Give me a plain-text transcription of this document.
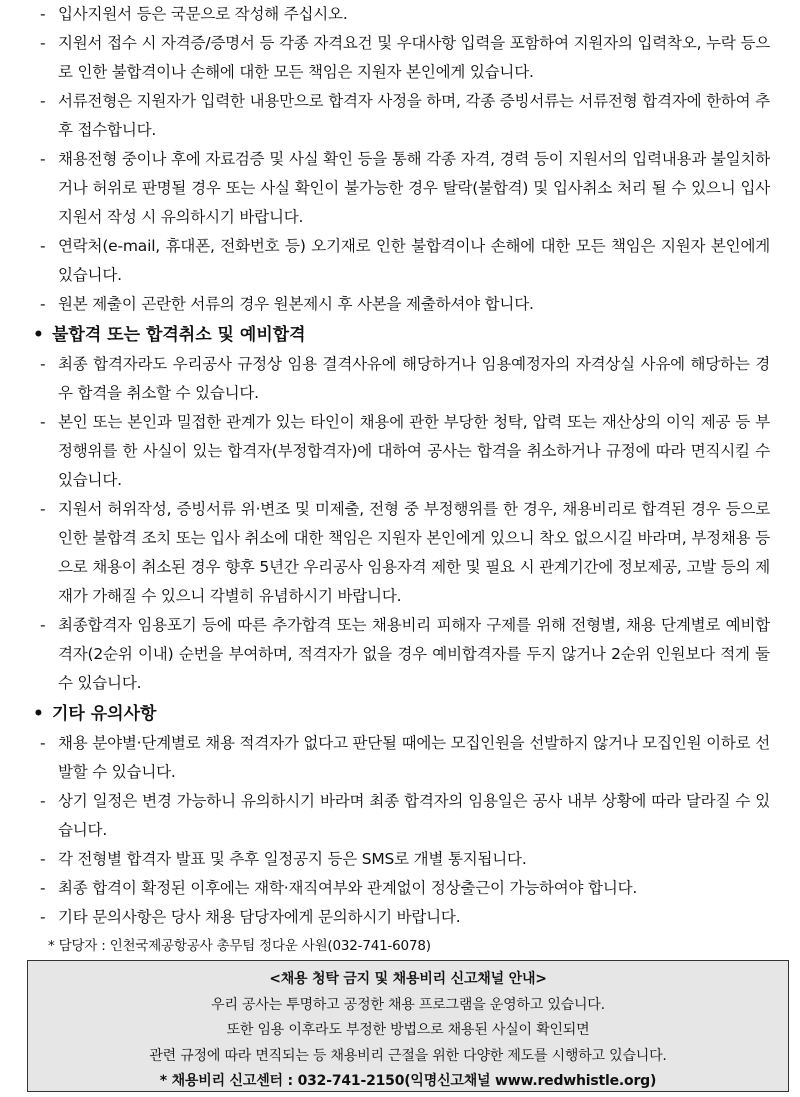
- 입사지원서 등은 국문으로 작성해 주십시오.
- 지원서 접수 시 자격증/증명서 등 각종 자격요건 및 우대사항 입력을 포함하여 지원자의 입력착오, 누락 등으로 인한 불합격이나 손해에 대한 모든 책임은 지원자 본인에게 있습니다.
- 서류전형은 지원자가 입력한 내용만으로 합격자 사정을 하며, 각종 증빙서류는 서류전형 합격자에 한하여 추후 접수합니다.
- 채용전형 중이나 후에 자료검증 및 사실 확인 등을 통해 각종 자격, 경력 등이 지원서의 입력내용과 불일치하거나 허위로 판명될 경우 또는 사실 확인이 불가능한 경우 탈락(불합격) 및 입사취소 처리 될 수 있으니 입사지원서 작성 시 유의하시기 바랍니다.
- 연락처(e-mail, 휴대폰, 전화번호 등) 오기재로 인한 불합격이나 손해에 대한 모든 책임은 지원자 본인에게 있습니다.
- 원본 제출이 곤란한 서류의 경우 원본제시 후 사본을 제출하셔야 합니다.
• 불합격 또는 합격취소 및 예비합격
- 최종 합격자라도 우리공사 규정상 임용 결격사유에 해당하거나 임용예정자의 자격상실 사유에 해당하는 경우 합격을 취소할 수 있습니다.
- 본인 또는 본인과 밀접한 관계가 있는 타인이 채용에 관한 부당한 청탁, 압력 또는 재산상의 이익 제공 등 부정행위를 한 사실이 있는 합격자(부정합격자)에 대하여 공사는 합격을 취소하거나 규정에 따라 면직시킬 수 있습니다.
- 지원서 허위작성, 증빙서류 위·변조 및 미제출, 전형 중 부정행위를 한 경우, 채용비리로 합격된 경우 등으로 인한 불합격 조치 또는 입사 취소에 대한 책임은 지원자 본인에게 있으니 착오 없으시길 바라며, 부정채용 등으로 채용이 취소된 경우 향후 5년간 우리공사 임용자격 제한 및 필요 시 관계기간에 정보제공, 고발 등의 제재가 가해질 수 있으니 각별히 유념하시기 바랍니다.
- 최종합격자 임용포기 등에 따른 추가합격 또는 채용비리 피해자 구제를 위해 전형별, 채용 단계별로 예비합격자(2순위 이내) 순번을 부여하며, 적격자가 없을 경우 예비합격자를 두지 않거나 2순위 인원보다 적게 둘 수 있습니다.
• 기타 유의사항
- 채용 분야별·단계별로 채용 적격자가 없다고 판단될 때에는 모집인원을 선발하지 않거나 모집인원 이하로 선발할 수 있습니다.
- 상기 일정은 변경 가능하니 유의하시기 바라며 최종 합격자의 임용일은 공사 내부 상황에 따라 달라질 수 있습니다.
- 각 전형별 합격자 발표 및 추후 일정공지 등은 SMS로 개별 통지됩니다.
- 최종 합격이 확정된 이후에는 재학·재직여부와 관계없이 정상출근이 가능하여야 합니다.
- 기타 문의사항은 당사 채용 담당자에게 문의하시기 바랍니다.
* 담당자 : 인천국제공항공사 총무팀 정다운 사원(032-741-6078)
<채용 청탁 금지 및 채용비리 신고채널 안내>
우리 공사는 투명하고 공정한 채용 프로그램을 운영하고 있습니다.
또한 임용 이후라도 부정한 방법으로 채용된 사실이 확인되면
관련 규정에 따라 면직되는 등 채용비리 근절을 위한 다양한 제도를 시행하고 있습니다.
* 채용비리 신고센터 : 032-741-2150(익명신고채널 www.redwhistle.org)
